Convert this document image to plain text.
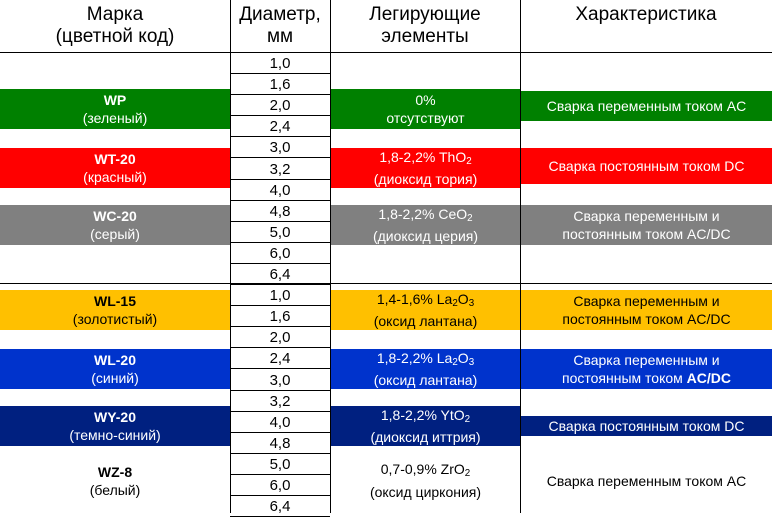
Марка
(цветной код)
Диаметр,
мм
Легирующие
элементы
Характеристика
WP
(зеленый)
0%
отсутствуют
Сварка переменным током AC
WT-20
(красный)
1,8-2,2% ThO2
(диоксид тория)
Сварка постоянным током DC
WC-20
(серый)
1,8-2,2% CeO2
(диоксид церия)
Сварка переменным и
постоянным током AC/DC
WL-15
(золотистый)
1,4-1,6% La2O3
(оксид лантана)
Сварка переменным и
постоянным током AC/DC
WL-20
(синий)
1,8-2,2% La2O3
(оксид лантана)
Сварка переменным и
постоянным током AC/DC
WY-20
(темно-синий)
1,8-2,2% YtO2
(диоксид иттрия)
Сварка постоянным током DC
WZ-8
(белый)
0,7-0,9% ZrO2
(оксид циркония)
Сварка переменным током AC
1,0
1,6
2,0
2,4
3,0
3,2
4,0
4,8
5,0
6,0
6,4
1,0
1,6
2,0
2,4
3,0
3,2
4,0
4,8
5,0
6,0
6,4
